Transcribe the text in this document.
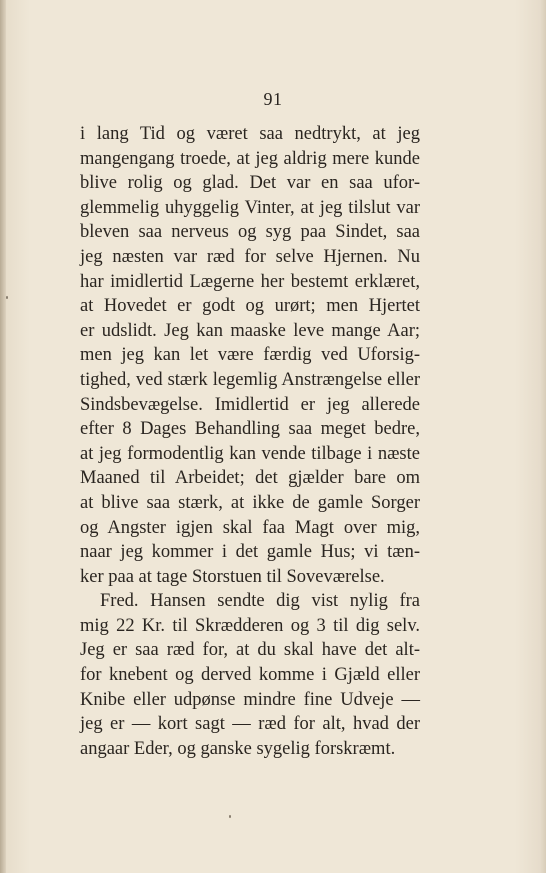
91
i lang Tid og været saa nedtrykt, at jeg
mangengang troede, at jeg aldrig mere kunde
blive rolig og glad. Det var en saa ufor-
glemmelig uhyggelig Vinter, at jeg tilslut var
bleven saa nerveus og syg paa Sindet, saa
jeg næsten var ræd for selve Hjernen. Nu
har imidlertid Lægerne her bestemt erklæret,
at Hovedet er godt og urørt; men Hjertet
er udslidt. Jeg kan maaske leve mange Aar;
men jeg kan let være færdig ved Uforsig-
tighed, ved stærk legemlig Anstrængelse eller
Sindsbevægelse. Imidlertid er jeg allerede
efter 8 Dages Behandling saa meget bedre,
at jeg formodentlig kan vende tilbage i næste
Maaned til Arbeidet; det gjælder bare om
at blive saa stærk, at ikke de gamle Sorger
og Angster igjen skal faa Magt over mig,
naar jeg kommer i det gamle Hus; vi tæn-
ker paa at tage Storstuen til Soveværelse.
Fred. Hansen sendte dig vist nylig fra
mig 22 Kr. til Skrædderen og 3 til dig selv.
Jeg er saa ræd for, at du skal have det alt-
for knebent og derved komme i Gjæld eller
Knibe eller udpønse mindre fine Udveje —
jeg er — kort sagt — ræd for alt, hvad der
angaar Eder, og ganske sygelig forskræmt.
